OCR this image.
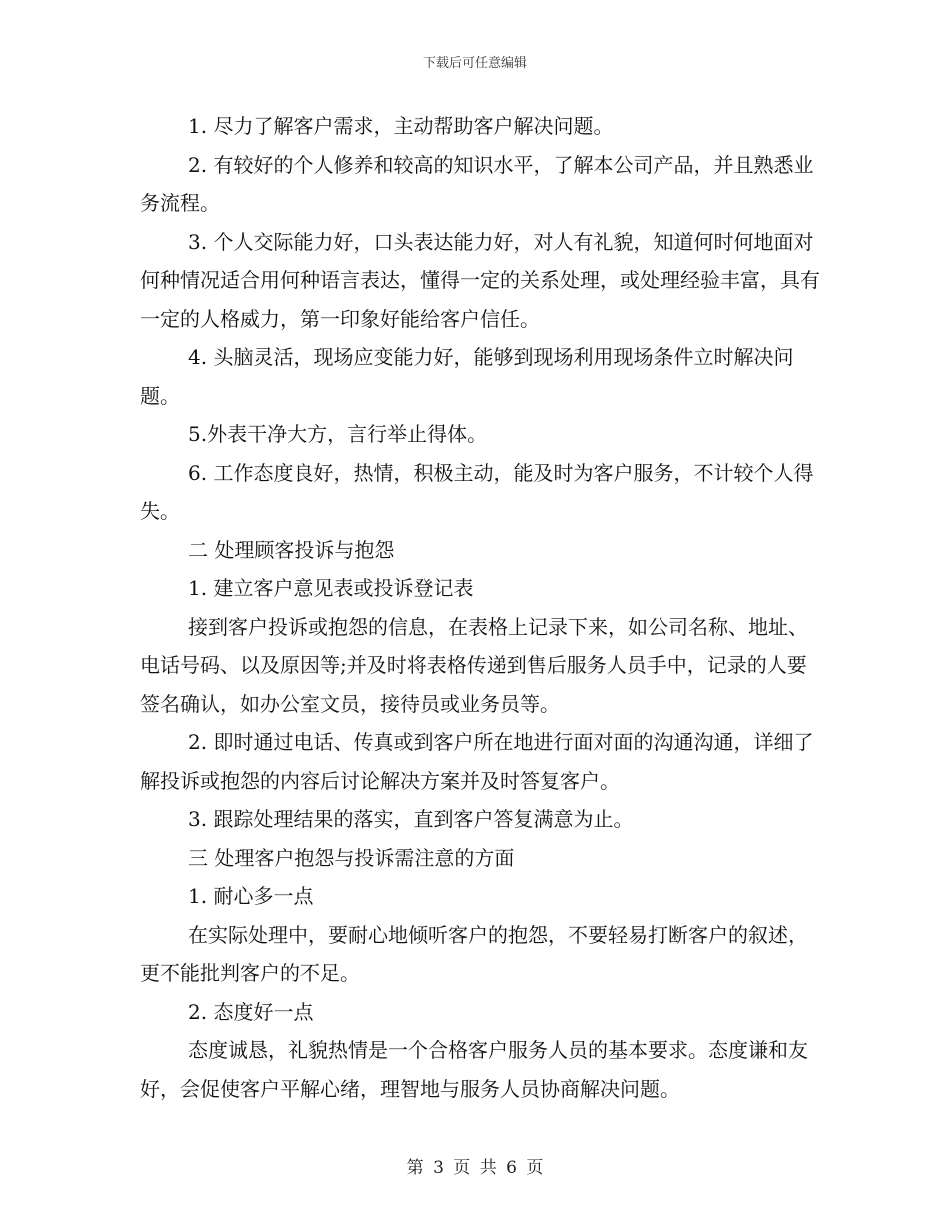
下载后可任意编辑

1. 尽力了解客户需求，主动帮助客户解决问题。

2. 有较好的个人修养和较高的知识水平，了解本公司产品，并且熟悉业务流程。

3. 个人交际能力好，口头表达能力好，对人有礼貌，知道何时何地面对何种情况适合用何种语言表达，懂得一定的关系处理，或处理经验丰富，具有一定的人格威力，第一印象好能给客户信任。

4. 头脑灵活，现场应变能力好，能够到现场利用现场条件立时解决问题。

5.外表干净大方，言行举止得体。

6. 工作态度良好，热情，积极主动，能及时为客户服务，不计较个人得失。

二 处理顾客投诉与抱怨

1. 建立客户意见表或投诉登记表

接到客户投诉或抱怨的信息，在表格上记录下来，如公司名称、地址、电话号码、以及原因等;并及时将表格传递到售后服务人员手中，记录的人要签名确认，如办公室文员，接待员或业务员等。

2. 即时通过电话、传真或到客户所在地进行面对面的沟通沟通，详细了解投诉或抱怨的内容后讨论解决方案并及时答复客户。

3. 跟踪处理结果的落实，直到客户答复满意为止。

三 处理客户抱怨与投诉需注意的方面

1. 耐心多一点

在实际处理中，要耐心地倾听客户的抱怨，不要轻易打断客户的叙述，更不能批判客户的不足。

2. 态度好一点

态度诚恳，礼貌热情是一个合格客户服务人员的基本要求。态度谦和友好，会促使客户平解心绪，理智地与服务人员协商解决问题。

第 3 页 共 6 页
